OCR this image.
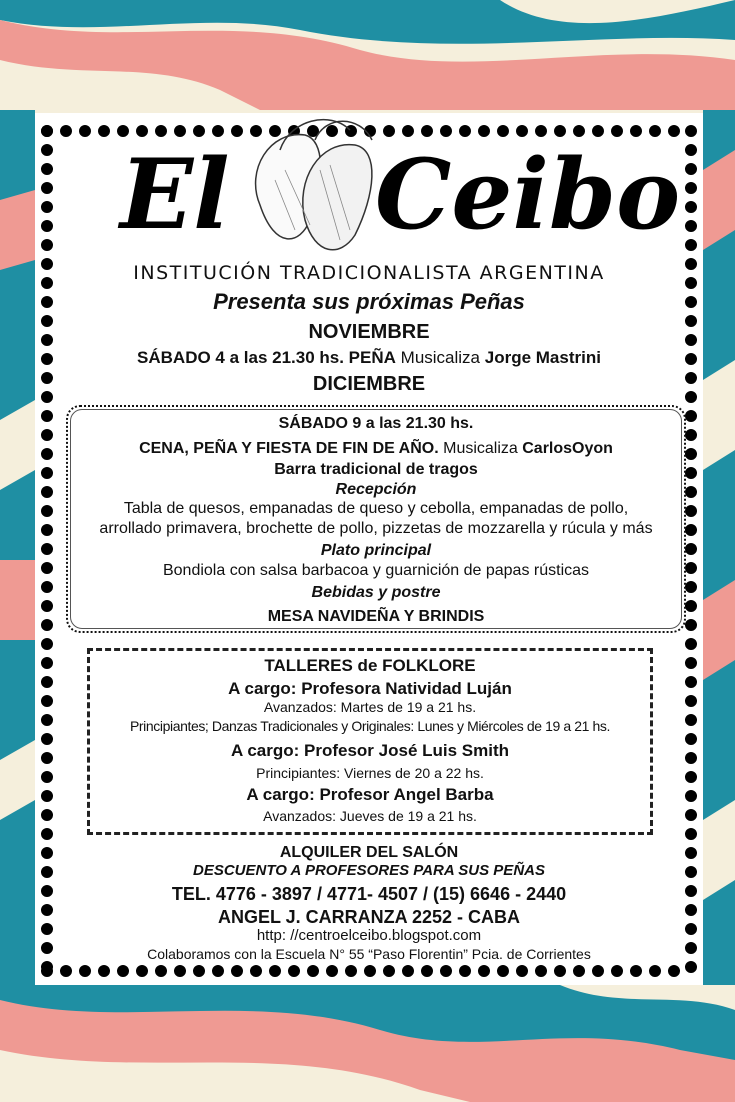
El Ceibo
INSTITUCIÓN TRADICIONALISTA ARGENTINA
Presenta sus próximas Peñas
NOVIEMBRE
SÁBADO 4 a las 21.30 hs. PEÑA Musicaliza Jorge Mastrini
DICIEMBRE
SÁBADO 9 a las 21.30 hs.
CENA, PEÑA Y FIESTA DE FIN DE AÑO. Musicaliza CarlosOyon
Barra tradicional de tragos
Recepción
Tabla de quesos, empanadas de queso y cebolla, empanadas de pollo,
arrollado primavera, brochette de pollo, pizzetas de mozzarella y rúcula y más
Plato principal
Bondiola con salsa barbacoa y guarnición de papas rústicas
Bebidas y postre
MESA NAVIDEÑA Y BRINDIS
TALLERES de FOLKLORE
A cargo: Profesora Natividad Luján
Avanzados: Martes de 19 a 21 hs.
Principiantes; Danzas Tradicionales y Originales: Lunes y Miércoles de 19 a 21 hs.
A cargo: Profesor José Luis Smith
Principiantes: Viernes de 20 a 22 hs.
A cargo: Profesor Angel Barba
Avanzados: Jueves de 19 a 21 hs.
ALQUILER DEL SALÓN
DESCUENTO A PROFESORES PARA SUS PEÑAS
TEL. 4776 - 3897 / 4771- 4507 / (15) 6646 - 2440
ANGEL J. CARRANZA 2252 - CABA
http: //centroelceibo.blogspot.com
Colaboramos con la Escuela N° 55 “Paso Florentin” Pcia. de Corrientes
